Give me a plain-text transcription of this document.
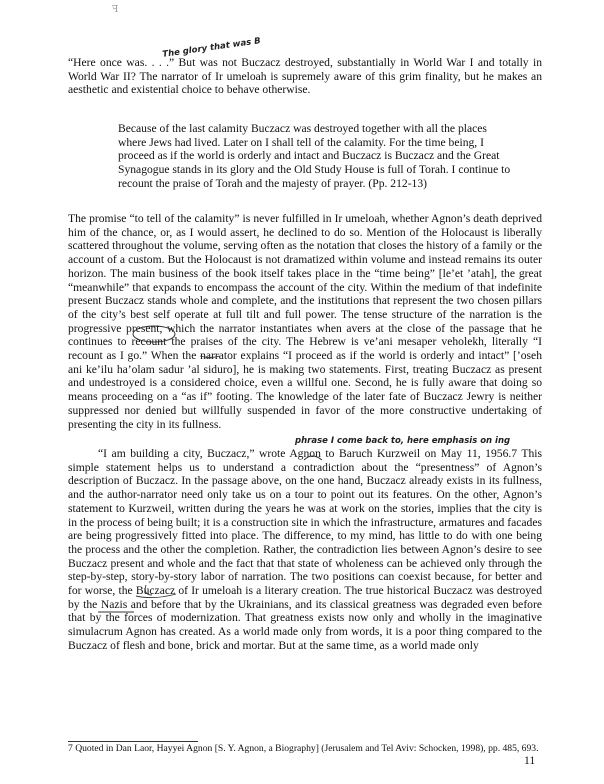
ꟻ
The glory that was B

“Here once was. . . .” But was not Buczacz destroyed, substantially in World War I and totally in World War II? The narrator of Ir umeloah is supremely aware of this grim finality, but he makes an aesthetic and existential choice to behave otherwise.

Because of the last calamity Buczacz was destroyed together with all the places where Jews had lived. Later on I shall tell of the calamity. For the time being, I proceed as if the world is orderly and intact and Buczacz is Buczacz and the Great Synagogue stands in its glory and the Old Study House is full of Torah. I continue to recount the praise of Torah and the majesty of prayer. (Pp. 212-13)

The promise “to tell of the calamity” is never fulfilled in Ir umeloah, whether Agnon’s death deprived him of the chance, or, as I would assert, he declined to do so. Mention of the Holocaust is liberally scattered throughout the volume, serving often as the notation that closes the history of a family or the account of a custom. But the Holocaust is not dramatized within volume and instead remains its outer horizon. The main business of the book itself takes place in the “time being” [le’et ’atah], the great “meanwhile” that expands to encompass the account of the city. Within the medium of that indefinite present Buczacz stands whole and complete, and the institutions that represent the two chosen pillars of the city’s best self operate at full tilt and full power. The tense structure of the narration is the progressive present, which the narrator instantiates when avers at the close of the passage that he continues to recount the praises of the city. The Hebrew is ve’ani mesaper veholekh, literally “I recount as I go.” When the narrator explains “I proceed as if the world is orderly and intact” [’oseh ani ke’ilu ha’olam sadur ’al siduro], he is making two statements. First, treating Buczacz as present and undestroyed is a considered choice, even a willful one. Second, he is fully aware that doing so means proceeding on a “as if” footing. The knowledge of the later fate of Buczacz Jewry is neither suppressed nor denied but willfully suspended in favor of the more constructive undertaking of presenting the city in its fullness.

phrase I come back to, here emphasis on ing

“I am building a city, Buczacz,” wrote Agnon to Baruch Kurzweil on May 11, 1956.7 This simple statement helps us to understand a contradiction about the “presentness” of Agnon’s description of Buczacz. In the passage above, on the one hand, Buczacz already exists in its fullness, and the author-narrator need only take us on a tour to point out its features. On the other, Agnon’s statement to Kurzweil, written during the years he was at work on the stories, implies that the city is in the process of being built; it is a construction site in which the infrastructure, armatures and facades are being progressively fitted into place. The difference, to my mind, has little to do with one being the process and the other the completion. Rather, the contradiction lies between Agnon’s desire to see Buczacz present and whole and the fact that that state of wholeness can be achieved only through the step-by-step, story-by-story labor of narration. The two positions can coexist because, for better and for worse, the Buczacz of Ir umeloah is a literary creation. The true historical Buczacz was destroyed by the Nazis and before that by the Ukrainians, and its classical greatness was degraded even before that by the forces of modernization. That greatness exists now only and wholly in the imaginative simulacrum Agnon has created. As a world made only from words, it is a poor thing compared to the Buczacz of flesh and bone, brick and mortar. But at the same time, as a world made only

7 Quoted in Dan Laor, Hayyei Agnon [S. Y. Agnon, a Biography] (Jerusalem and Tel Aviv: Schocken, 1998), pp. 485, 693.

11
